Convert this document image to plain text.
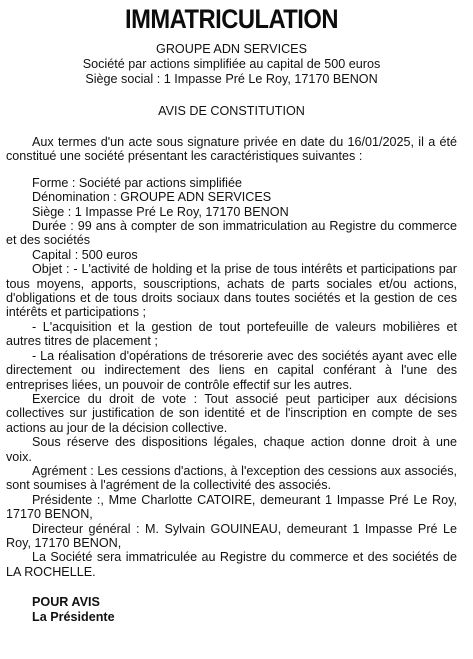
IMMATRICULATION

GROUPE ADN SERVICES

Société par actions simplifiée au capital de 500 euros

Siège social : 1 Impasse Pré Le Roy, 17170 BENON

AVIS DE CONSTITUTION

Aux termes d'un acte sous signature privée en date du 16/01/2025, il a été constitué une société présentant les caractéristiques suivantes :

Forme : Société par actions simplifiée

Dénomination : GROUPE ADN SERVICES

Siège : 1 Impasse Pré Le Roy, 17170 BENON

Durée : 99 ans à compter de son immatriculation au Registre du commerce et des sociétés

Capital : 500 euros

Objet : - L'activité de holding et la prise de tous intérêts et participations par tous moyens, apports, souscriptions, achats de parts sociales et/ou actions, d'obligations et de tous droits sociaux dans toutes sociétés et la gestion de ces intérêts et participations ;

- L'acquisition et la gestion de tout portefeuille de valeurs mobilières et autres titres de placement ;

- La réalisation d'opérations de trésorerie avec des sociétés ayant avec elle directement ou indirectement des liens en capital conférant à l'une des entreprises liées, un pouvoir de contrôle effectif sur les autres.

Exercice du droit de vote : Tout associé peut participer aux décisions collectives sur justification de son identité et de l'inscription en compte de ses actions au jour de la décision collective.

Sous réserve des dispositions légales, chaque action donne droit à une voix.

Agrément : Les cessions d'actions, à l'exception des cessions aux associés, sont soumises à l'agrément de la collectivité des associés.

Présidente :, Mme Charlotte CATOIRE, demeurant 1 Impasse Pré Le Roy, 17170 BENON,

Directeur général : M. Sylvain GOUINEAU, demeurant 1 Impasse Pré Le Roy, 17170 BENON,

La Société sera immatriculée au Registre du commerce et des sociétés de LA ROCHELLE.

POUR AVIS

La Présidente
